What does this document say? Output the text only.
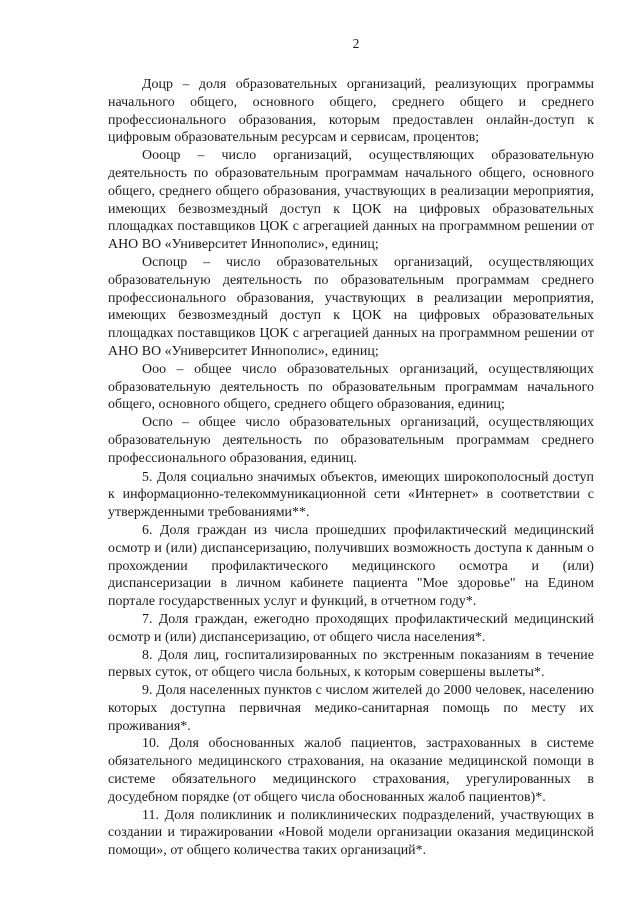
2

Доцр – доля образовательных организаций, реализующих программы начального общего, основного общего, среднего общего и среднего профессионального образования, которым предоставлен онлайн-доступ к цифровым образовательным ресурсам и сервисам, процентов;

Оооцр – число организаций, осуществляющих образовательную деятельность по образовательным программам начального общего, основного общего, среднего общего образования, участвующих в реализации мероприятия, имеющих безвозмездный доступ к ЦОК на цифровых образовательных площадках поставщиков ЦОК с агрегацией данных на программном решении от АНО ВО «Университет Иннополис», единиц;

Оспоцр – число образовательных организаций, осуществляющих образовательную деятельность по образовательным программам среднего профессионального образования, участвующих в реализации мероприятия, имеющих безвозмездный доступ к ЦОК на цифровых образовательных площадках поставщиков ЦОК с агрегацией данных на программном решении от АНО ВО «Университет Иннополис», единиц;

Ооо – общее число образовательных организаций, осуществляющих образовательную деятельность по образовательным программам начального общего, основного общего, среднего общего образования, единиц;

Оспо – общее число образовательных организаций, осуществляющих образовательную деятельность по образовательным программам среднего профессионального образования, единиц.

5. Доля социально значимых объектов, имеющих широкополосный доступ к информационно-телекоммуникационной сети «Интернет» в соответствии с утвержденными требованиями**.

6. Доля граждан из числа прошедших профилактический медицинский осмотр и (или) диспансеризацию, получивших возможность доступа к данным о прохождении профилактического медицинского осмотра и (или) диспансеризации в личном кабинете пациента "Мое здоровье" на Едином портале государственных услуг и функций, в отчетном году*.

7. Доля граждан, ежегодно проходящих профилактический медицинский осмотр и (или) диспансеризацию, от общего числа населения*.

8. Доля лиц, госпитализированных по экстренным показаниям в течение первых суток, от общего числа больных, к которым совершены вылеты*.

9. Доля населенных пунктов с числом жителей до 2000 человек, населению которых доступна первичная медико-санитарная помощь по месту их проживания*.

10. Доля обоснованных жалоб пациентов, застрахованных в системе обязательного медицинского страхования, на оказание медицинской помощи в системе обязательного медицинского страхования, урегулированных в досудебном порядке (от общего числа обоснованных жалоб пациентов)*.

11. Доля поликлиник и поликлинических подразделений, участвующих в создании и тиражировании «Новой модели организации оказания медицинской помощи», от общего количества таких организаций*.
